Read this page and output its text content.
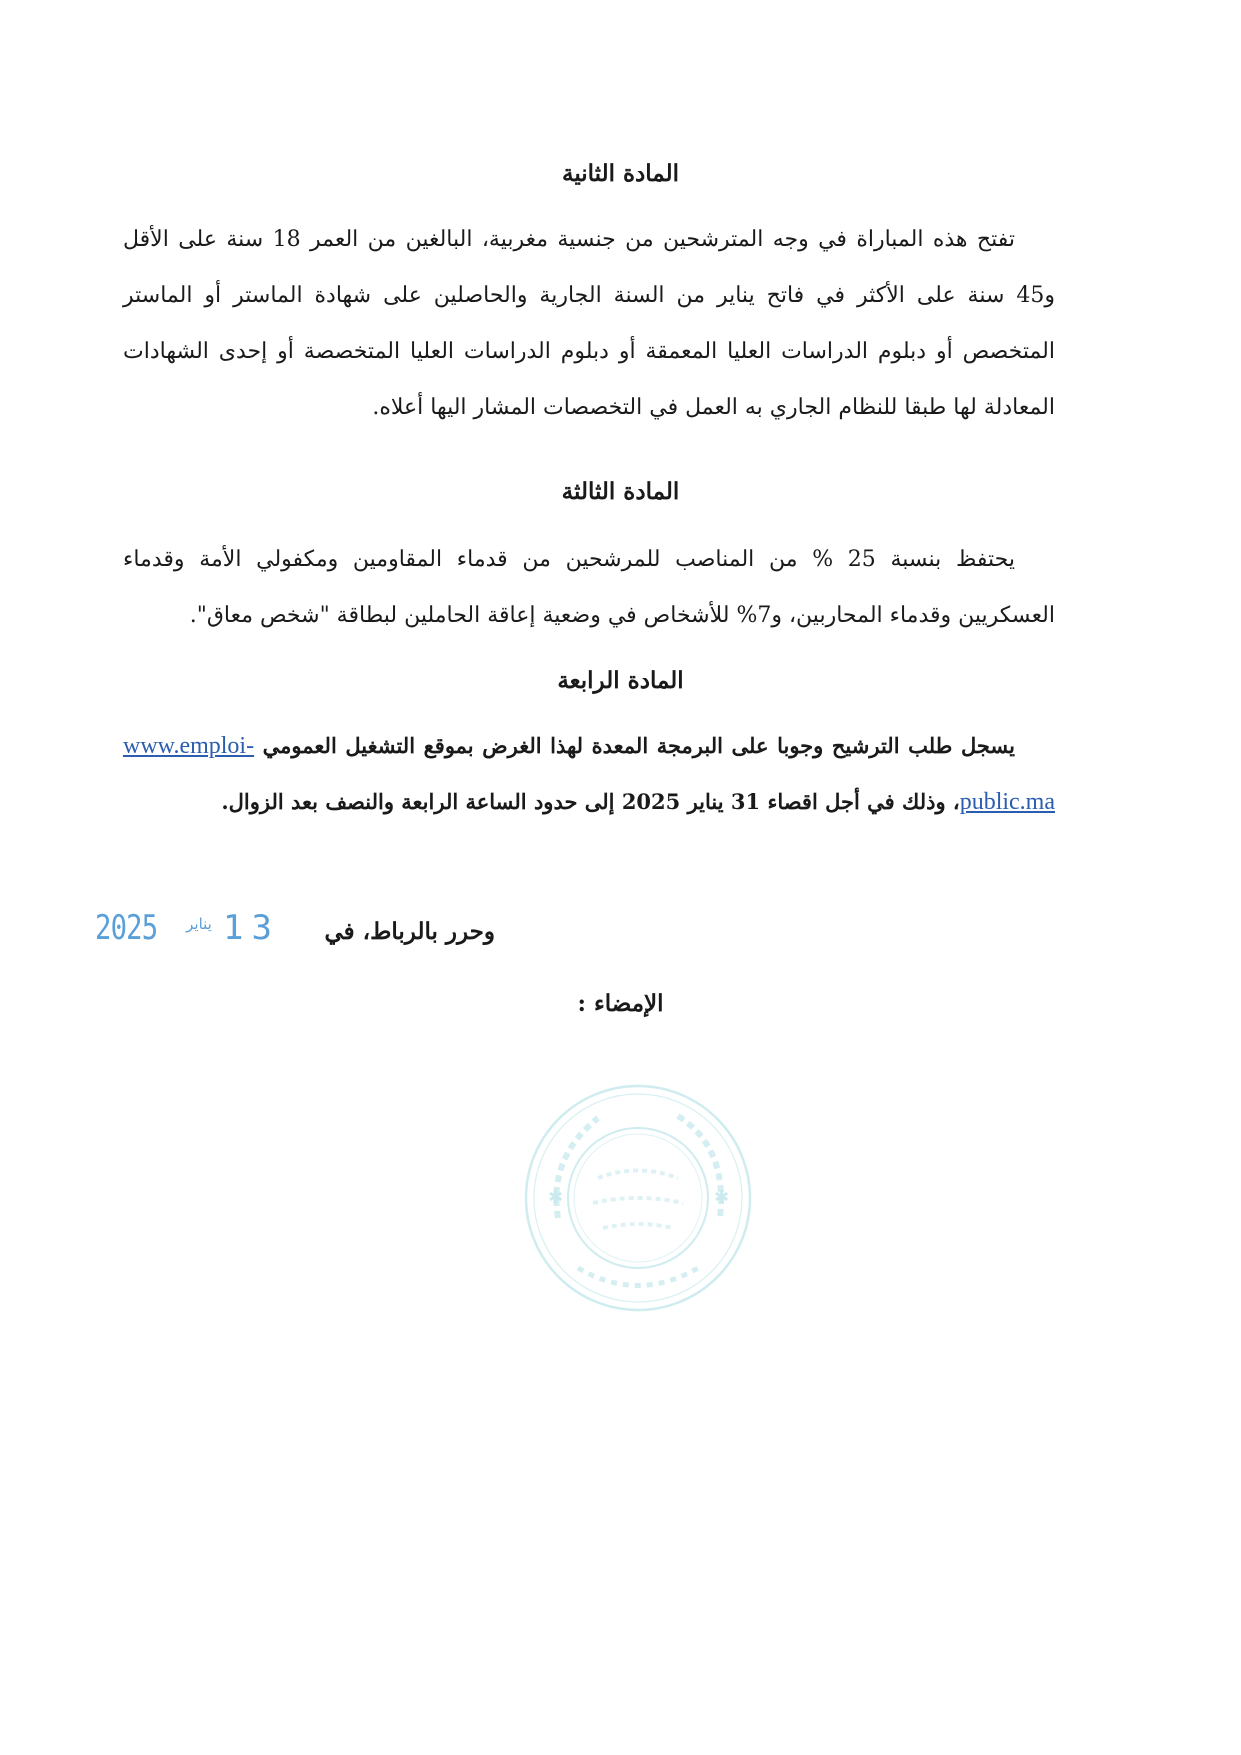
المادة الثانية
تفتح هذه المباراة في وجه المترشحين من جنسية مغربية، البالغين من العمر 18 سنة على الأقل و45 سنة على الأكثر في فاتح يناير من السنة الجارية والحاصلين على شهادة الماستر أو الماستر المتخصص أو دبلوم الدراسات العليا المعمقة أو دبلوم الدراسات العليا المتخصصة أو إحدى الشهادات المعادلة لها طبقا للنظام الجاري به العمل في التخصصات المشار اليها أعلاه.
المادة الثالثة
يحتفظ بنسبة 25 % من المناصب للمرشحين من قدماء المقاومين ومكفولي الأمة وقدماء العسكريين وقدماء المحاربين، و7% للأشخاص في وضعية إعاقة الحاملين لبطاقة "شخص معاق".
المادة الرابعة
يسجل طلب الترشيح وجوبا على البرمجة المعدة لهذا الغرض بموقع التشغيل العمومي www.emploi-public.ma، وذلك في أجل اقصاء 31 يناير 2025 إلى حدود الساعة الرابعة والنصف بعد الزوال.
2025 يناير 13 وحرر بالرباط، في
الإمضاء :
✱	✱
